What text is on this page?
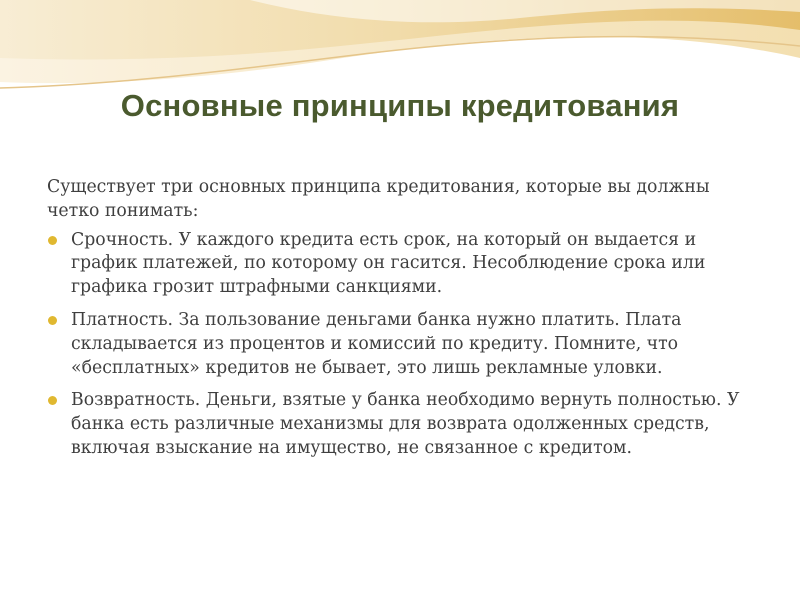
Основные принципы кредитования

Существует три основных принципа кредитования, которые вы должны четко понимать:

Срочность. У каждого кредита есть срок, на который он выдается и график платежей, по которому он гасится. Несоблюдение срока или графика грозит штрафными санкциями.
Платность. За пользование деньгами банка нужно платить. Плата складывается из процентов и комиссий по кредиту. Помните, что «бесплатных» кредитов не бывает, это лишь рекламные уловки.
Возвратность. Деньги, взятые у банка необходимо вернуть полностью. У банка есть различные механизмы для возврата одолженных средств, включая взыскание на имущество, не связанное с кредитом.
